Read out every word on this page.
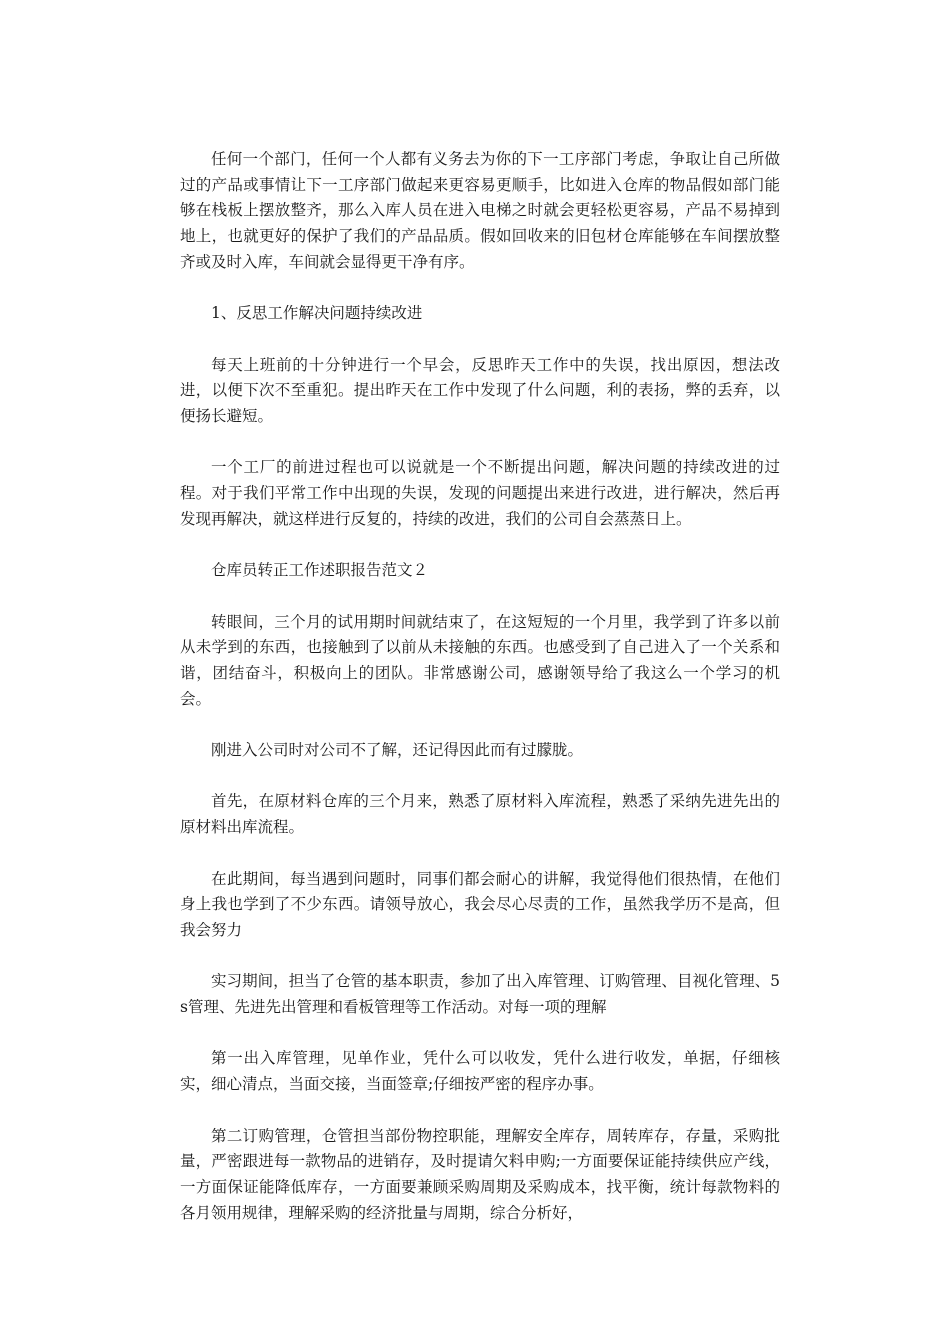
任何一个部门，任何一个人都有义务去为你的下一工序部门考虑，争取让自己所做过的产品或事情让下一工序部门做起来更容易更顺手，比如进入仓库的物品假如部门能够在栈板上摆放整齐，那么入库人员在进入电梯之时就会更轻松更容易，产品不易掉到地上，也就更好的保护了我们的产品品质。假如回收来的旧包材仓库能够在车间摆放整齐或及时入库，车间就会显得更干净有序。

1、反思工作解决问题持续改进

每天上班前的十分钟进行一个早会，反思昨天工作中的失误，找出原因，想法改进，以便下次不至重犯。提出昨天在工作中发现了什么问题，利的表扬，弊的丢弃，以便扬长避短。

一个工厂的前进过程也可以说就是一个不断提出问题，解决问题的持续改进的过程。对于我们平常工作中出现的失误，发现的问题提出来进行改进，进行解决，然后再发现再解决，就这样进行反复的，持续的改进，我们的公司自会蒸蒸日上。

仓库员转正工作述职报告范文２

转眼间，三个月的试用期时间就结束了，在这短短的一个月里，我学到了许多以前从未学到的东西，也接触到了以前从未接触的东西。也感受到了自己进入了一个关系和谐，团结奋斗，积极向上的团队。非常感谢公司，感谢领导给了我这么一个学习的机会。

刚进入公司时对公司不了解，还记得因此而有过朦胧。

首先，在原材料仓库的三个月来，熟悉了原材料入库流程，熟悉了采纳先进先出的原材料出库流程。

在此期间，每当遇到问题时，同事们都会耐心的讲解，我觉得他们很热情，在他们身上我也学到了不少东西。请领导放心，我会尽心尽责的工作，虽然我学历不是高，但我会努力

实习期间，担当了仓管的基本职责，参加了出入库管理、订购管理、目视化管理、5s管理、先进先出管理和看板管理等工作活动。对每一项的理解

第一出入库管理，见单作业，凭什么可以收发，凭什么进行收发，单据，仔细核实，细心清点，当面交接，当面签章;仔细按严密的程序办事。

第二订购管理，仓管担当部份物控职能，理解安全库存，周转库存，存量，采购批量，严密跟进每一款物品的进销存，及时提请欠料申购;一方面要保证能持续供应产线，一方面保证能降低库存，一方面要兼顾采购周期及采购成本，找平衡，统计每款物料的各月领用规律，理解采购的经济批量与周期，综合分析好，
